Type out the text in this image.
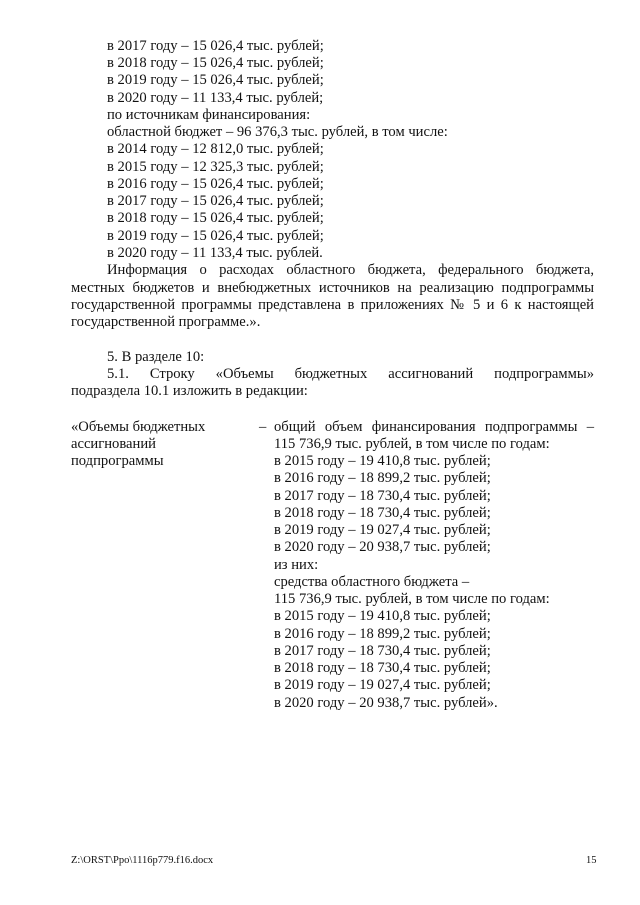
в 2017 году – 15 026,4 тыс. рублей;
в 2018 году – 15 026,4 тыс. рублей;
в 2019 году – 15 026,4 тыс. рублей;
в 2020 году – 11 133,4 тыс. рублей;
по источникам финансирования:
областной бюджет – 96 376,3 тыс. рублей, в том числе:
в 2014 году – 12 812,0 тыс. рублей;
в 2015 году – 12 325,3 тыс. рублей;
в 2016 году – 15 026,4 тыс. рублей;
в 2017 году – 15 026,4 тыс. рублей;
в 2018 году – 15 026,4 тыс. рублей;
в 2019 году – 15 026,4 тыс. рублей;
в 2020 году – 11 133,4 тыс. рублей.
Информация о расходах областного бюджета, федерального бюджета,
местных бюджетов и внебюджетных источников на реализацию подпрограммы
государственной программы представлена в приложениях № 5 и 6 к настоящей
государственной программе.».
5. В разделе 10:
5.1. Строку «Объемы бюджетных ассигнований подпрограммы»
подраздела 10.1 изложить в редакции:
«Объемы бюджетных
ассигнований
подпрограммы
– общий объем финансирования подпрограммы –
115 736,9 тыс. рублей, в том числе по годам:
в 2015 году – 19 410,8 тыс. рублей;
в 2016 году – 18 899,2 тыс. рублей;
в 2017 году – 18 730,4 тыс. рублей;
в 2018 году – 18 730,4 тыс. рублей;
в 2019 году – 19 027,4 тыс. рублей;
в 2020 году – 20 938,7 тыс. рублей;
из них:
средства областного бюджета –
115 736,9 тыс. рублей, в том числе по годам:
в 2015 году – 19 410,8 тыс. рублей;
в 2016 году – 18 899,2 тыс. рублей;
в 2017 году – 18 730,4 тыс. рублей;
в 2018 году – 18 730,4 тыс. рублей;
в 2019 году – 19 027,4 тыс. рублей;
в 2020 году – 20 938,7 тыс. рублей».
Z:\ORST\Ppo\1116p779.f16.docx	15
